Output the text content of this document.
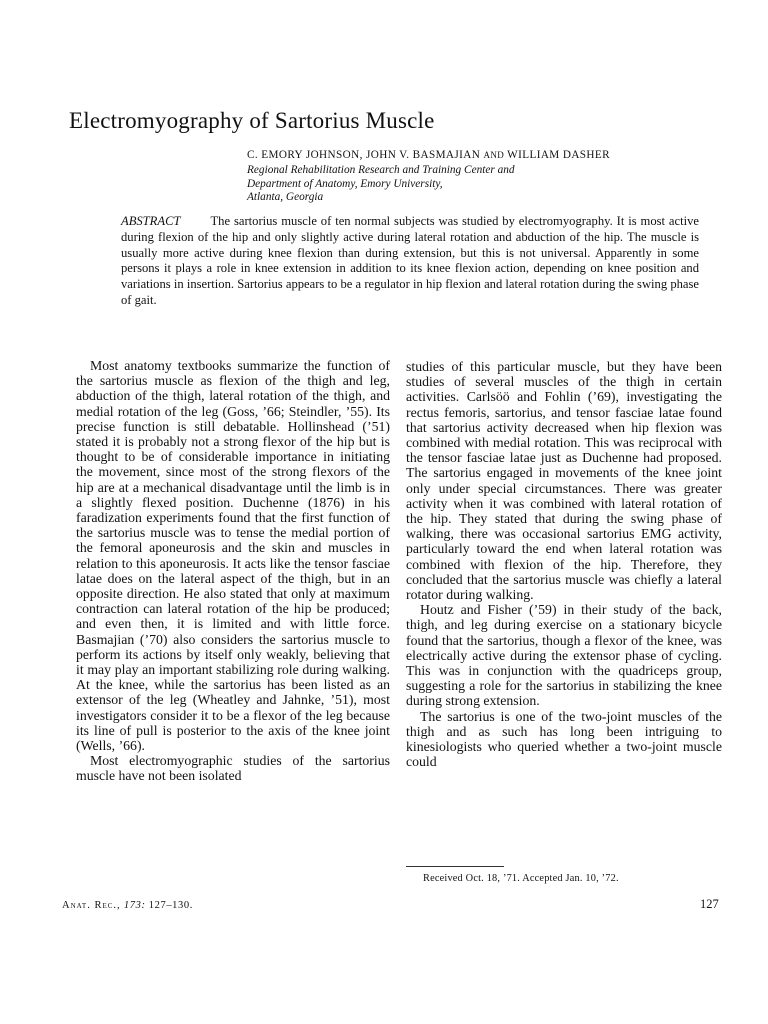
Electromyography of Sartorius Muscle
C. EMORY JOHNSON, JOHN V. BASMAJIAN AND WILLIAM DASHER
Regional Rehabilitation Research and Training Center and
Department of Anatomy, Emory University,
Atlanta, Georgia
ABSTRACT The sartorius muscle of ten normal subjects was studied by electromyography. It is most active during flexion of the hip and only slightly active during lateral rotation and abduction of the hip. The muscle is usually more active during knee flexion than during extension, but this is not universal. Apparently in some persons it plays a role in knee extension in addition to its knee flexion action, depending on knee position and variations in insertion. Sartorius appears to be a regulator in hip flexion and lateral rotation during the swing phase of gait.

Most anatomy textbooks summarize the function of the sartorius muscle as flexion of the thigh and leg, abduction of the thigh, lateral rotation of the thigh, and medial rotation of the leg (Goss, ’66; Steindler, ’55). Its precise function is still debatable. Hollinshead (’51) stated it is probably not a strong flexor of the hip but is thought to be of considerable importance in initiating the movement, since most of the strong flexors of the hip are at a mechanical disadvantage until the limb is in a slightly flexed position. Duchenne (1876) in his faradization experiments found that the first function of the sartorius muscle was to tense the medial portion of the femoral aponeurosis and the skin and muscles in relation to this aponeurosis. It acts like the tensor fasciae latae does on the lateral aspect of the thigh, but in an opposite direction. He also stated that only at maximum contraction can lateral rotation of the hip be produced; and even then, it is limited and with little force. Basmajian (’70) also considers the sartorius muscle to perform its actions by itself only weakly, believing that it may play an important stabilizing role during walking. At the knee, while the sartorius has been listed as an extensor of the leg (Wheatley and Jahnke, ’51), most investigators consider it to be a flexor of the leg because its line of pull is posterior to the axis of the knee joint (Wells, ’66).

Most electromyographic studies of the sartorius muscle have not been isolated

studies of this particular muscle, but they have been studies of several muscles of the thigh in certain activities. Carlsöö and Fohlin (’69), investigating the rectus femoris, sartorius, and tensor fasciae latae found that sartorius activity decreased when hip flexion was combined with medial rotation. This was reciprocal with the tensor fasciae latae just as Duchenne had proposed. The sartorius engaged in movements of the knee joint only under special circumstances. There was greater activity when it was combined with lateral rotation of the hip. They stated that during the swing phase of walking, there was occasional sartorius EMG activity, particularly toward the end when lateral rotation was combined with flexion of the hip. Therefore, they concluded that the sartorius muscle was chiefly a lateral rotator during walking.

Houtz and Fisher (’59) in their study of the back, thigh, and leg during exercise on a stationary bicycle found that the sartorius, though a flexor of the knee, was electrically active during the extensor phase of cycling. This was in conjunction with the quadriceps group, suggesting a role for the sartorius in stabilizing the knee during strong extension.

The sartorius is one of the two-joint muscles of the thigh and as such has long been intriguing to kinesiologists who queried whether a two-joint muscle could

Received Oct. 18, ’71. Accepted Jan. 10, ’72.
Anat. Rec., 173: 127–130.	127
